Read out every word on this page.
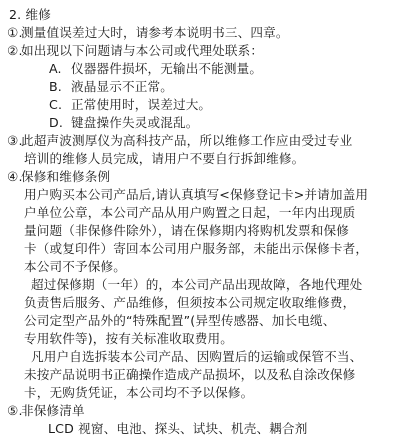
2. 维修
①.测量值误差过大时，请参考本说明书三、四章。
②.如出现以下问题请与本公司或代理处联系：
A. 仪器器件损坏，无输出不能测量。
B. 液晶显示不正常。
C. 正常使用时，误差过大。
D. 键盘操作失灵或混乱。
③.此超声波测厚仪为高科技产品，所以维修工作应由受过专业
培训的维修人员完成，请用户不要自行拆卸维修。
④.保修和维修条例
用户购买本公司产品后,请认真填写<保修登记卡>并请加盖用
户单位公章，本公司产品从用户购置之日起，一年内出现质
量问题（非保修件除外），请在保修期内将购机发票和保修
卡（或复印件）寄回本公司用户服务部，未能出示保修卡者，
本公司不予保修。
超过保修期（一年）的，本公司产品出现故障，各地代理处
负责售后服务、产品维修，但须按本公司规定收取维修费，
公司定型产品外的“特殊配置”(异型传感器、加长电缆、
专用软件等)，按有关标准收取费用。
凡用户自选拆装本公司产品、因购置后的运输或保管不当、
未按产品说明书正确操作造成产品损坏，以及私自涂改保修
卡，无购货凭证，本公司均不予以保修。
⑤.非保修清单
LCD 视窗、电池、探头、试块、机壳、耦合剂
